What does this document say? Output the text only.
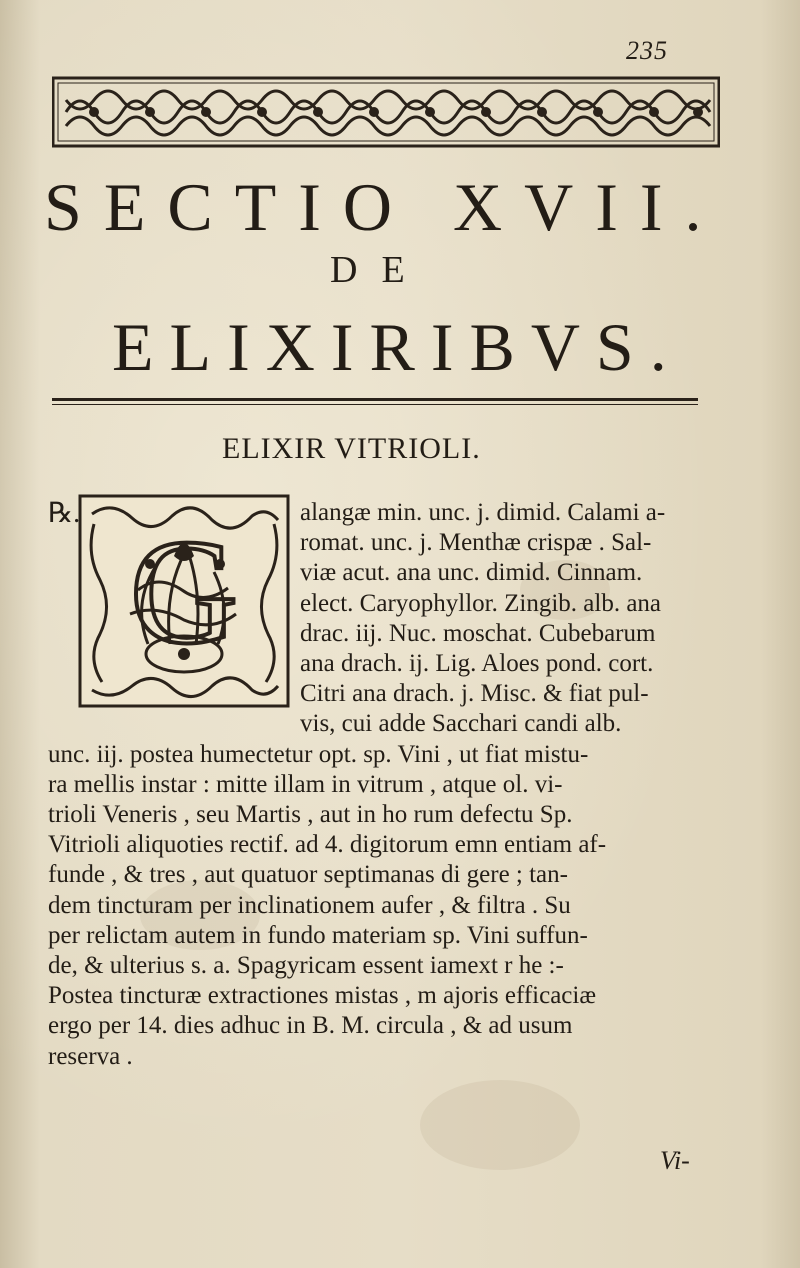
235
SECTIO XVII.
DE
ELIXIRIBVS.
ELIXIR VITRIOLI.
℞. G alangæ min. unc. j. dimid. Calami a-
romat. unc. j. Menthæ crispæ . Sal-
viæ acut. ana unc. dimid. Cinnam.
elect. Caryophyllor. Zingib. alb. ana
drac. iij. Nuc. moschat. Cubebarum
ana drach. ij. Lig. Aloes pond. cort.
Citri ana drach. j. Misc. & fiat pul-
vis, cui adde Sacchari candi alb.
unc. iij. postea humectetur opt. sp. Vini , ut fiat mistu-
ra mellis instar : mitte illam in vitrum , atque ol. vi-
trioli Veneris , seu Martis , aut in ho rum defectu Sp.
Vitrioli aliquoties rectif. ad 4. digitorum emn entiam af-
funde , & tres , aut quatuor septimanas di gere ; tan-
dem tincturam per inclinationem aufer , & filtra . Su
per relictam autem in fundo materiam sp. Vini suffun-
de, & ulterius s. a. Spagyricam essent iamext r he :-
Postea tincturæ extractiones mistas , m ajoris efficaciæ
ergo per 14. dies adhuc in B. M. circula , & ad usum
reserva .
Vi-
